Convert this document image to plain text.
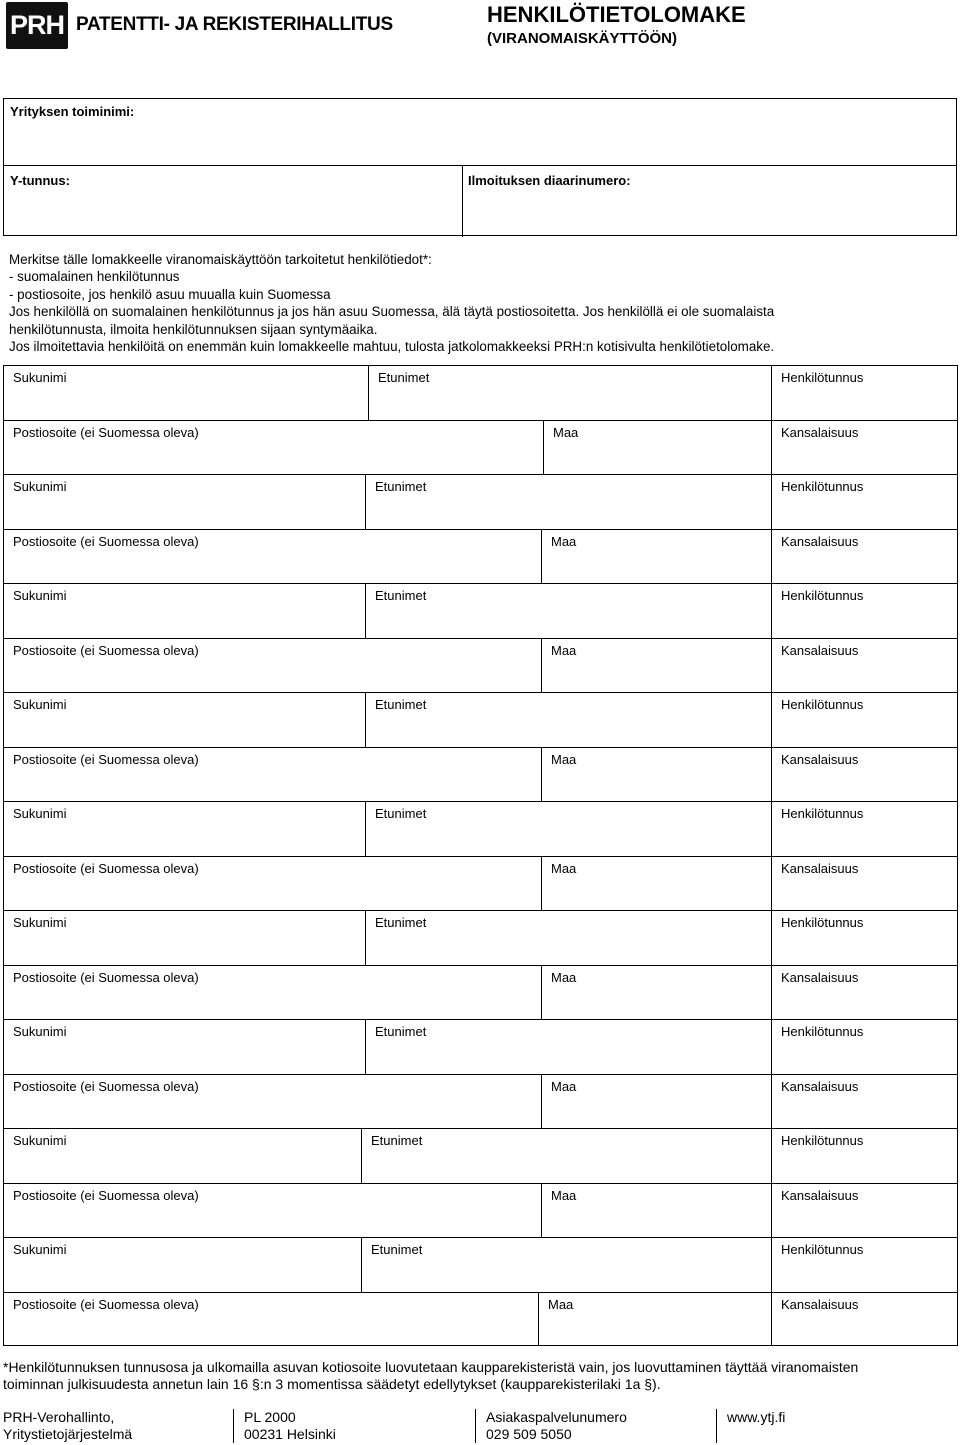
PRH PATENTTI- JA REKISTERIHALLITUS	HENKILÖTIETOLOMAKE
(VIRANOMAISKÄYTTÖÖN)
Yrityksen toiminimi:
Y-tunnus:	Ilmoituksen diaarinumero:
Merkitse tälle lomakkeelle viranomaiskäyttöön tarkoitetut henkilötiedot*:
- suomalainen henkilötunnus
- postiosoite, jos henkilö asuu muualla kuin Suomessa
Jos henkilöllä on suomalainen henkilötunnus ja jos hän asuu Suomessa, älä täytä postiosoitetta. Jos henkilöllä ei ole suomalaista
henkilötunnusta, ilmoita henkilötunnuksen sijaan syntymäaika.
Jos ilmoitettavia henkilöitä on enemmän kuin lomakkeelle mahtuu, tulosta jatkolomakkeeksi PRH:n kotisivulta henkilötietolomake.
Sukunimi	Etunimet	Henkilötunnus
Postiosoite (ei Suomessa oleva)	Maa	Kansalaisuus
Sukunimi	Etunimet	Henkilötunnus
Postiosoite (ei Suomessa oleva)	Maa	Kansalaisuus
Sukunimi	Etunimet	Henkilötunnus
Postiosoite (ei Suomessa oleva)	Maa	Kansalaisuus
Sukunimi	Etunimet	Henkilötunnus
Postiosoite (ei Suomessa oleva)	Maa	Kansalaisuus
Sukunimi	Etunimet	Henkilötunnus
Postiosoite (ei Suomessa oleva)	Maa	Kansalaisuus
Sukunimi	Etunimet	Henkilötunnus
Postiosoite (ei Suomessa oleva)	Maa	Kansalaisuus
Sukunimi	Etunimet	Henkilötunnus
Postiosoite (ei Suomessa oleva)	Maa	Kansalaisuus
Sukunimi	Etunimet	Henkilötunnus
Postiosoite (ei Suomessa oleva)	Maa	Kansalaisuus
Sukunimi	Etunimet	Henkilötunnus
Postiosoite (ei Suomessa oleva)	Maa	Kansalaisuus
*Henkilötunnuksen tunnusosa ja ulkomailla asuvan kotiosoite luovutetaan kaupparekisteristä vain, jos luovuttaminen täyttää viranomaisten
toiminnan julkisuudesta annetun lain 16 §:n 3 momentissa säädetyt edellytykset (kaupparekisterilaki 1a §).
PRH-Verohallinto,
Yritystietojärjestelmä
PL 2000
00231 Helsinki
Asiakaspalvelunumero
029 509 5050
www.ytj.fi
